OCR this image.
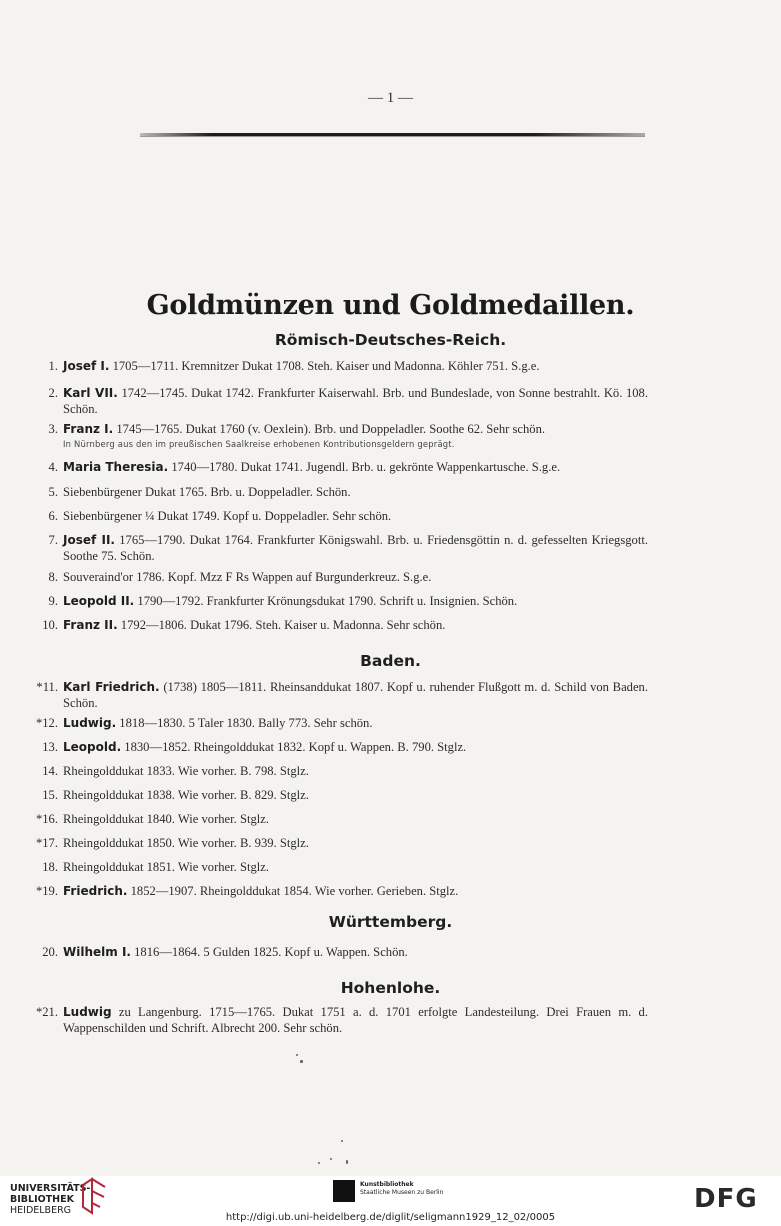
— 1 —
Goldmünzen und Goldmedaillen.
Römisch-Deutsches-Reich.
1. Josef I. 1705—1711. Kremnitzer Dukat 1708. Steh. Kaiser und Madonna. Köhler 751. S.g.e.
2. Karl VII. 1742—1745. Dukat 1742. Frankfurter Kaiserwahl. Brb. und Bundeslade, von Sonne bestrahlt. Kö. 108. Schön.
3. Franz I. 1745—1765. Dukat 1760 (v. Oexlein). Brb. und Doppeladler. Soothe 62. Sehr schön.
In Nürnberg aus den im preußischen Saalkreise erhobenen Kontributionsgeldern geprägt.
4. Maria Theresia. 1740—1780. Dukat 1741. Jugendl. Brb. u. gekrönte Wappenkartusche. S.g.e.
5. Siebenbürgener Dukat 1765. Brb. u. Doppeladler. Schön.
6. Siebenbürgener ¼ Dukat 1749. Kopf u. Doppeladler. Sehr schön.
7. Josef II. 1765—1790. Dukat 1764. Frankfurter Königswahl. Brb. u. Friedensgöttin n. d. gefesselten Kriegsgott. Soothe 75. Schön.
8. Souveraind'or 1786. Kopf. Mzz F Rs Wappen auf Burgunderkreuz. S.g.e.
9. Leopold II. 1790—1792. Frankfurter Krönungsdukat 1790. Schrift u. Insignien. Schön.
10. Franz II. 1792—1806. Dukat 1796. Steh. Kaiser u. Madonna. Sehr schön.
Baden.
*11. Karl Friedrich. (1738) 1805—1811. Rheinsanddukat 1807. Kopf u. ruhender Flußgott m. d. Schild von Baden. Schön.
*12. Ludwig. 1818—1830. 5 Taler 1830. Bally 773. Sehr schön.
13. Leopold. 1830—1852. Rheingolddukat 1832. Kopf u. Wappen. B. 790. Stglz.
14. Rheingolddukat 1833. Wie vorher. B. 798. Stglz.
15. Rheingolddukat 1838. Wie vorher. B. 829. Stglz.
*16. Rheingolddukat 1840. Wie vorher. Stglz.
*17. Rheingolddukat 1850. Wie vorher. B. 939. Stglz.
18. Rheingolddukat 1851. Wie vorher. Stglz.
*19. Friedrich. 1852—1907. Rheingolddukat 1854. Wie vorher. Gerieben. Stglz.
Württemberg.
20. Wilhelm I. 1816—1864. 5 Gulden 1825. Kopf u. Wappen. Schön.
Hohenlohe.
*21. Ludwig zu Langenburg. 1715—1765. Dukat 1751 a. d. 1701 erfolgte Landesteilung. Drei Frauen m. d. Wappenschilden und Schrift. Albrecht 200. Sehr schön.
UNIVERSITÄTS-
BIBLIOTHEK
HEIDELBERG
Kunstbibliothek
Staatliche Museen zu Berlin	DFG
http://digi.ub.uni-heidelberg.de/diglit/seligmann1929_12_02/0005
